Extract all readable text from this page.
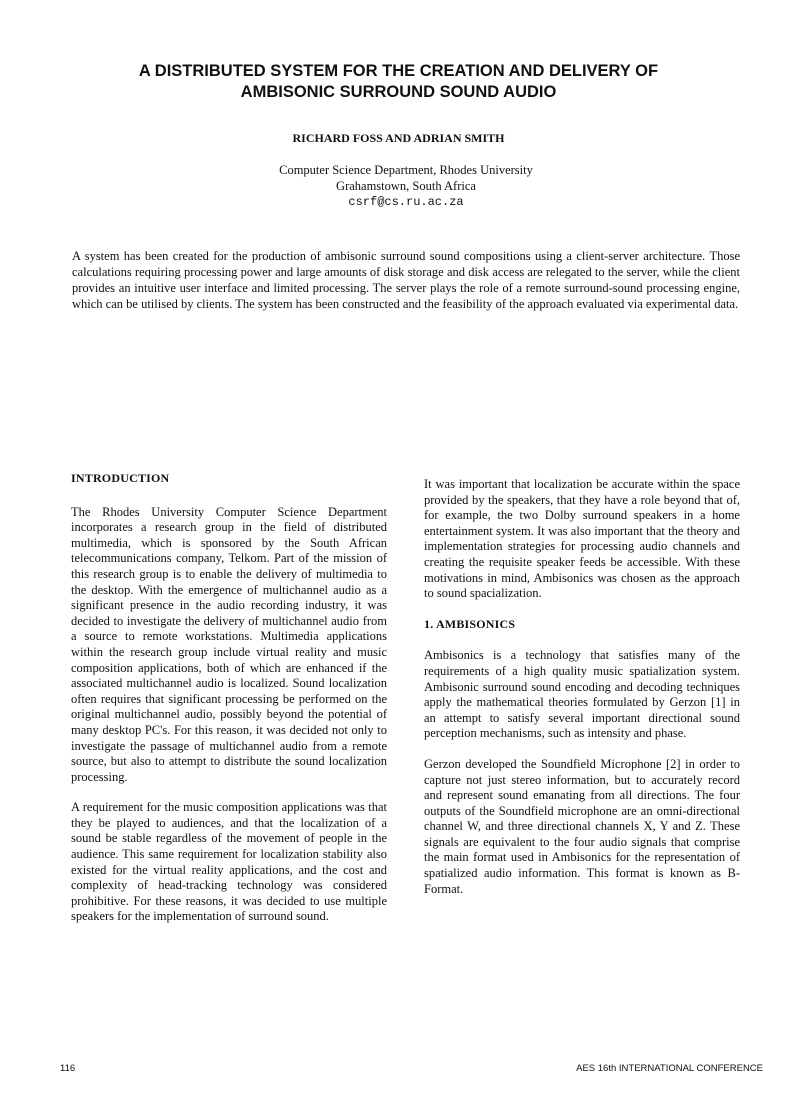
A DISTRIBUTED SYSTEM FOR THE CREATION AND DELIVERY OF
AMBISONIC SURROUND SOUND AUDIO

RICHARD FOSS AND ADRIAN SMITH

Computer Science Department, Rhodes University
Grahamstown, South Africa
csrf@cs.ru.ac.za

A system has been created for the production of ambisonic surround sound compositions using a client-server architecture. Those calculations requiring processing power and large amounts of disk storage and disk access are relegated to the server, while the client provides an intuitive user interface and limited processing. The server plays the role of a remote surround-sound processing engine, which can be utilised by clients. The system has been constructed and the feasibility of the approach evaluated via experimental data.

INTRODUCTION

The Rhodes University Computer Science Department incorporates a research group in the field of distributed multimedia, which is sponsored by the South African telecommunications company, Telkom. Part of the mission of this research group is to enable the delivery of multimedia to the desktop. With the emergence of multichannel audio as a significant presence in the audio recording industry, it was decided to investigate the delivery of multichannel audio from a source to remote workstations. Multimedia applications within the research group include virtual reality and music composition applications, both of which are enhanced if the associated multichannel audio is localized. Sound localization often requires that significant processing be performed on the original multichannel audio, possibly beyond the potential of many desktop PC's. For this reason, it was decided not only to investigate the passage of multichannel audio from a remote source, but also to attempt to distribute the sound localization processing.

A requirement for the music composition applications was that they be played to audiences, and that the localization of a sound be stable regardless of the movement of people in the audience. This same requirement for localization stability also existed for the virtual reality applications, and the cost and complexity of head-tracking technology was considered prohibitive. For these reasons, it was decided to use multiple speakers for the implementation of surround sound.

It was important that localization be accurate within the space provided by the speakers, that they have a role beyond that of, for example, the two Dolby surround speakers in a home entertainment system. It was also important that the theory and implementation strategies for processing audio channels and creating the requisite speaker feeds be accessible. With these motivations in mind, Ambisonics was chosen as the approach to sound spacialization.

1. AMBISONICS

Ambisonics is a technology that satisfies many of the requirements of a high quality music spatialization system. Ambisonic surround sound encoding and decoding techniques apply the mathematical theories formulated by Gerzon [1] in an attempt to satisfy several important directional sound perception mechanisms, such as intensity and phase.

Gerzon developed the Soundfield Microphone [2] in order to capture not just stereo information, but to accurately record and represent sound emanating from all directions. The four outputs of the Soundfield microphone are an omni-directional channel W, and three directional channels X, Y and Z. These signals are equivalent to the four audio signals that comprise the main format used in Ambisonics for the representation of spatialized audio information. This format is known as B-Format.

116	AES 16th INTERNATIONAL CONFERENCE
